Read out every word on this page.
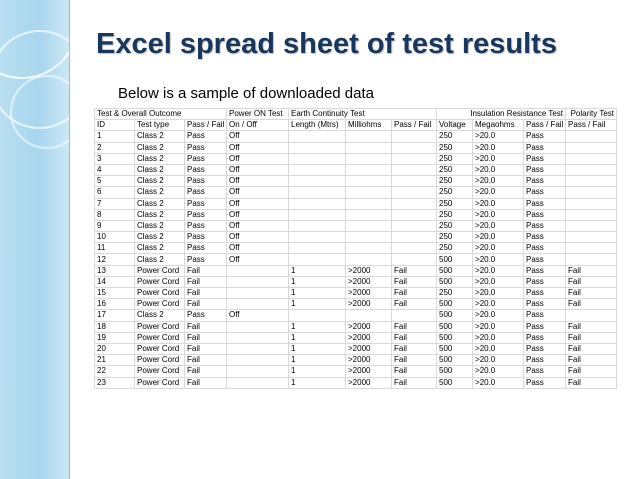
Excel spread sheet of test results
Below is a sample of downloaded data
Test & Overall Outcome			Power ON Test	Earth Continuity Test			Insulation Resistance Test			Polarity Test
ID	Test type	Pass / Fail	On / Off	Length (Mtrs)	Milliohms	Pass / Fail	Voltage	Megaohms	Pass / Fail	Pass / Fail
1	Class 2	Pass	Off				250	>20.0	Pass	
2	Class 2	Pass	Off				250	>20.0	Pass	
3	Class 2	Pass	Off				250	>20.0	Pass	
4	Class 2	Pass	Off				250	>20.0	Pass	
5	Class 2	Pass	Off				250	>20.0	Pass	
6	Class 2	Pass	Off				250	>20.0	Pass	
7	Class 2	Pass	Off				250	>20.0	Pass	
8	Class 2	Pass	Off				250	>20.0	Pass	
9	Class 2	Pass	Off				250	>20.0	Pass	
10	Class 2	Pass	Off				250	>20.0	Pass	
11	Class 2	Pass	Off				250	>20.0	Pass	
12	Class 2	Pass	Off				500	>20.0	Pass	
13	Power Cord	Fail		1	>2000	Fail	500	>20.0	Pass	Fail
14	Power Cord	Fail		1	>2000	Fail	500	>20.0	Pass	Fail
15	Power Cord	Fail		1	>2000	Fail	250	>20.0	Pass	Fail
16	Power Cord	Fail		1	>2000	Fail	500	>20.0	Pass	Fail
17	Class 2	Pass	Off				500	>20.0	Pass	
18	Power Cord	Fail		1	>2000	Fail	500	>20.0	Pass	Fail
19	Power Cord	Fail		1	>2000	Fail	500	>20.0	Pass	Fail
20	Power Cord	Fail		1	>2000	Fail	500	>20.0	Pass	Fail
21	Power Cord	Fail		1	>2000	Fail	500	>20.0	Pass	Fail
22	Power Cord	Fail		1	>2000	Fail	500	>20.0	Pass	Fail
23	Power Cord	Fail		1	>2000	Fail	500	>20.0	Pass	Fail
